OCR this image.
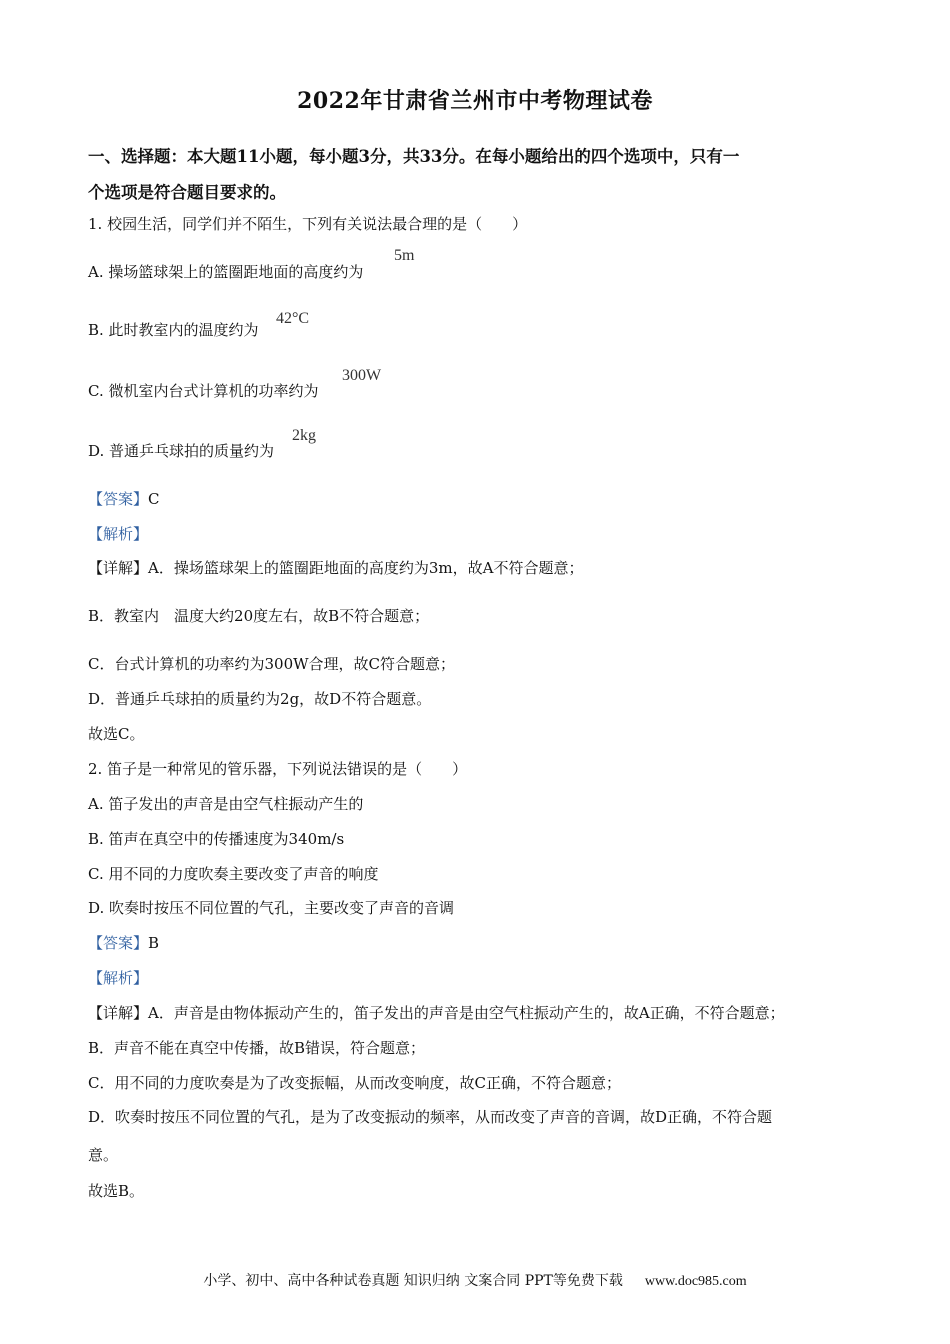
2022年甘肃省兰州市中考物理试卷
一、选择题：本大题11小题，每小题3分，共33分。在每小题给出的四个选项中，只有一
个选项是符合题目要求的。
1. 校园生活，同学们并不陌生，下列有关说法最合理的是（　　）
A. 操场篮球架上的篮圈距地面的高度约为
5m
B. 此时教室内的温度约为
42°C
C. 微机室内台式计算机的功率约为
300W
D. 普通乒乓球拍的质量约为
2kg
【答案】C
【解析】
【详解】A．操场篮球架上的篮圈距地面的高度约为3m，故A不符合题意；
B．教室内　温度大约20度左右，故B不符合题意；
C．台式计算机的功率约为300W合理，故C符合题意；
D．普通乒乓球拍的质量约为2g，故D不符合题意。
故选C。
2. 笛子是一种常见的管乐器，下列说法错误的是（　　）
A. 笛子发出的声音是由空气柱振动产生的
B. 笛声在真空中的传播速度为340m/s
C. 用不同的力度吹奏主要改变了声音的响度
D. 吹奏时按压不同位置的气孔，主要改变了声音的音调
【答案】B
【解析】
【详解】A．声音是由物体振动产生的，笛子发出的声音是由空气柱振动产生的，故A正确，不符合题意；
B．声音不能在真空中传播，故B错误，符合题意；
C．用不同的力度吹奏是为了改变振幅，从而改变响度，故C正确，不符合题意；
D．吹奏时按压不同位置的气孔，是为了改变振动的频率，从而改变了声音的音调，故D正确，不符合题
意。
故选B。
小学、初中、高中各种试卷真题 知识归纳 文案合同 PPT等免费下载 www.doc985.com
